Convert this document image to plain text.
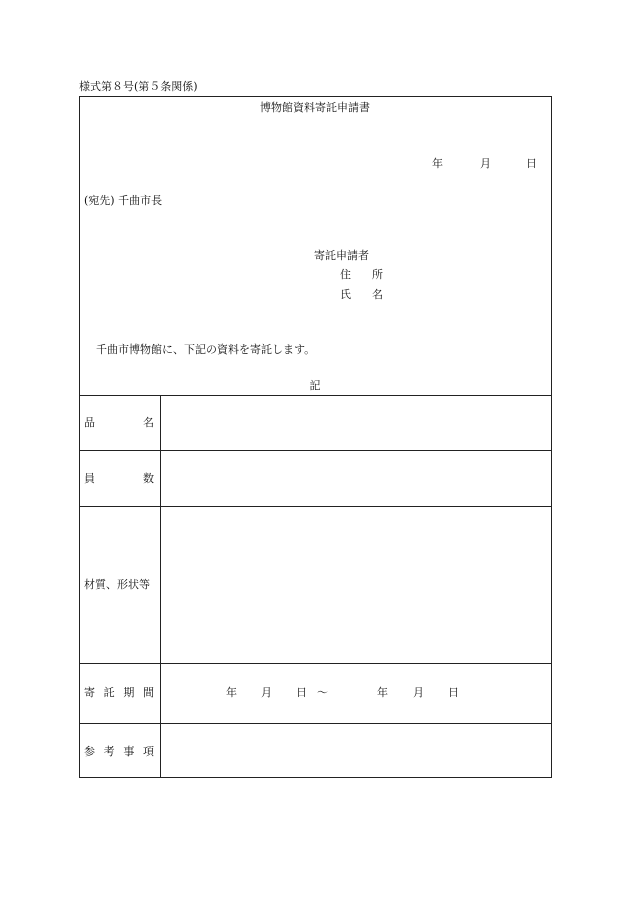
様式第８号(第５条関係)
博物館資料寄託申請書
年	月	日
(宛先) 千曲市長
寄託申請者
住 所
氏 名
千曲市博物館に、下記の資料を寄託します。
記
品	名
員	数
材質、形状等
寄 託 期 間	年 月 日 ～	年 月 日
参 考 事 項
